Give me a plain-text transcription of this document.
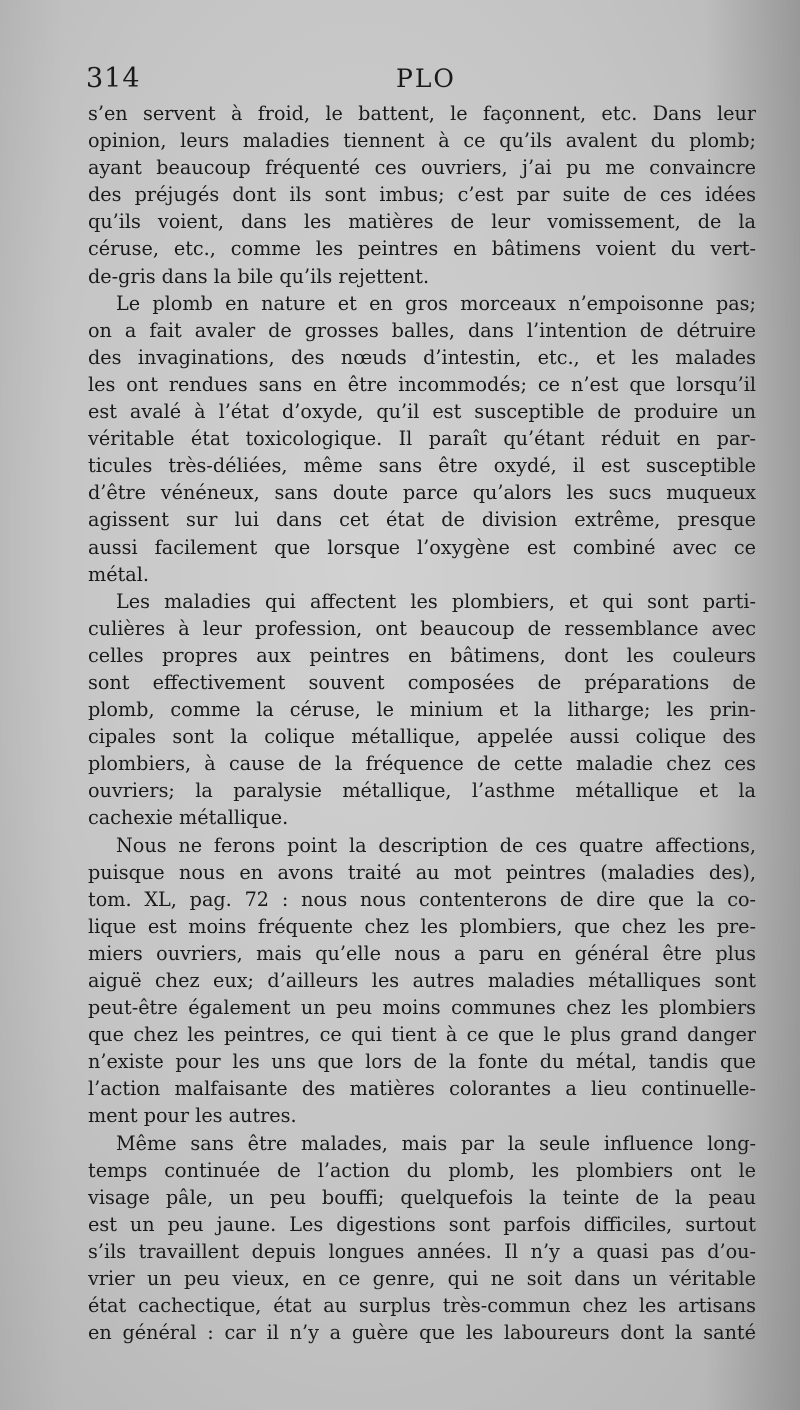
314	PLO
s’en servent à froid, le battent, le façonnent, etc. Dans leur
opinion, leurs maladies tiennent à ce qu’ils avalent du plomb;
ayant beaucoup fréquenté ces ouvriers, j’ai pu me convaincre
des préjugés dont ils sont imbus; c’est par suite de ces idées
qu’ils voient, dans les matières de leur vomissement, de la
céruse, etc., comme les peintres en bâtimens voient du vert-
de-gris dans la bile qu’ils rejettent.
Le plomb en nature et en gros morceaux n’empoisonne pas;
on a fait avaler de grosses balles, dans l’intention de détruire
des invaginations, des nœuds d’intestin, etc., et les malades
les ont rendues sans en être incommodés; ce n’est que lorsqu’il
est avalé à l’état d’oxyde, qu’il est susceptible de produire un
véritable état toxicologique. Il paraît qu’étant réduit en par-
ticules très-déliées, même sans être oxydé, il est susceptible
d’être vénéneux, sans doute parce qu’alors les sucs muqueux
agissent sur lui dans cet état de division extrême, presque
aussi facilement que lorsque l’oxygène est combiné avec ce
métal.
Les maladies qui affectent les plombiers, et qui sont parti-
culières à leur profession, ont beaucoup de ressemblance avec
celles propres aux peintres en bâtimens, dont les couleurs
sont effectivement souvent composées de préparations de
plomb, comme la céruse, le minium et la litharge; les prin-
cipales sont la colique métallique, appelée aussi colique des
plombiers, à cause de la fréquence de cette maladie chez ces
ouvriers; la paralysie métallique, l’asthme métallique et la
cachexie métallique.
Nous ne ferons point la description de ces quatre affections,
puisque nous en avons traité au mot peintres (maladies des),
tom. XL, pag. 72 : nous nous contenterons de dire que la co-
lique est moins fréquente chez les plombiers, que chez les pre-
miers ouvriers, mais qu’elle nous a paru en général être plus
aiguë chez eux; d’ailleurs les autres maladies métalliques sont
peut-être également un peu moins communes chez les plombiers
que chez les peintres, ce qui tient à ce que le plus grand danger
n’existe pour les uns que lors de la fonte du métal, tandis que
l’action malfaisante des matières colorantes a lieu continuelle-
ment pour les autres.
Même sans être malades, mais par la seule influence long-
temps continuée de l’action du plomb, les plombiers ont le
visage pâle, un peu bouffi; quelquefois la teinte de la peau
est un peu jaune. Les digestions sont parfois difficiles, surtout
s’ils travaillent depuis longues années. Il n’y a quasi pas d’ou-
vrier un peu vieux, en ce genre, qui ne soit dans un véritable
état cachectique, état au surplus très-commun chez les artisans
en général : car il n’y a guère que les laboureurs dont la santé
